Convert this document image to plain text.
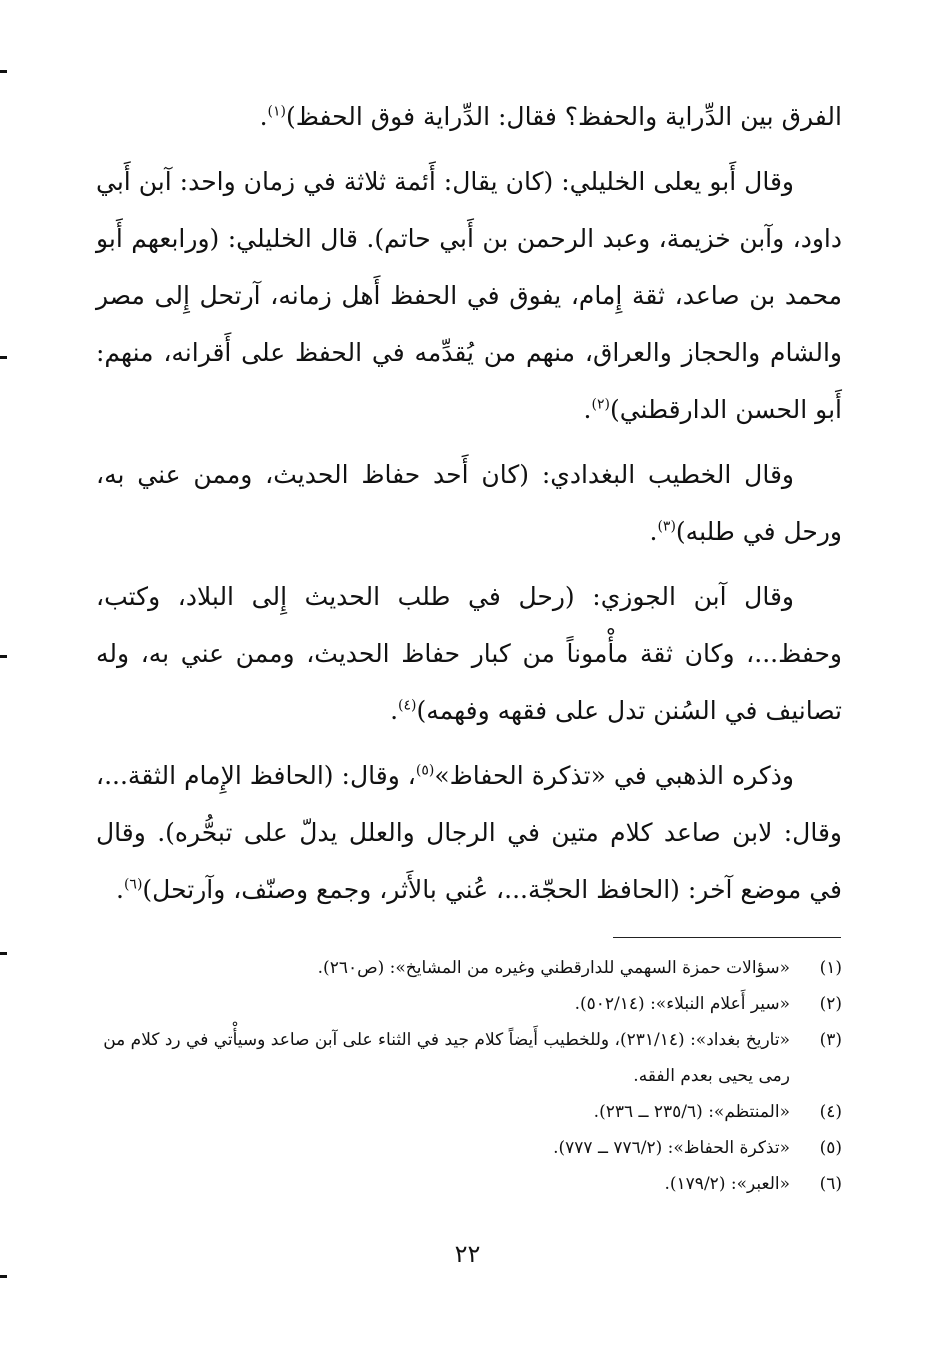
الفرق بين الدِّراية والحفظ؟ فقال: الدِّراية فوق الحفظ)$^{(١)}$.

وقال أَبو يعلى الخليلي: (كان يقال: أَئمة ثلاثة في زمان واحد: آبن أَبي داود، وآبن خزيمة، وعبد الرحمن بن أَبي حاتم). قال الخليلي: (ورابعهم أَبو محمد بن صاعد، ثقة إِمام، يفوق في الحفظ أَهل زمانه، آرتحل إِلى مصر والشام والحجاز والعراق، منهم من يُقدِّمه في الحفظ على أَقرانه، منهم: أَبو الحسن الدارقطني)$^{(٢)}$.

وقال الخطيب البغدادي: (كان أَحد حفاظ الحديث، وممن عني به، ورحل في طلبه)$^{(٣)}$.

وقال آبن الجوزي: (رحل في طلب الحديث إِلى البلاد، وكتب، وحفظ...، وكان ثقة مأْموناً من كبار حفاظ الحديث، وممن عني به، وله تصانيف في السُنن تدل على فقهه وفهمه)$^{(٤)}$.

وذكره الذهبي في «تذكرة الحفاظ»$^{(٥)}$، وقال: (الحافظ الإِمام الثقة...، وقال: لابن صاعد كلام متين في الرجال والعلل يدلّ على تبحُّره). وقال في موضع آخر: (الحافظ الحجّة...، عُني بالأَثر، وجمع وصنّف، وآرتحل)$^{(٦)}$.

(١)
«سؤالات حمزة السهمي للدارقطني وغيره من المشايخ»: (ص٢٦٠).
(٢)
«سير أَعلام النبلاء»: (٥٠٢/١٤).
(٣)
«تاريخ بغداد»: (٢٣١/١٤)، وللخطيب أَيضاً كلام جيد في الثناء على آبن صاعد وسيأْتي في رد كلام من رمى يحيى بعدم الفقه.
(٤)
«المنتظم»: (٢٣٥/٦ ــ ٢٣٦).
(٥)
«تذكرة الحفاظ»: (٧٧٦/٢ ــ ٧٧٧).
(٦)
«العبر»: (١٧٩/٢).
٢٢
